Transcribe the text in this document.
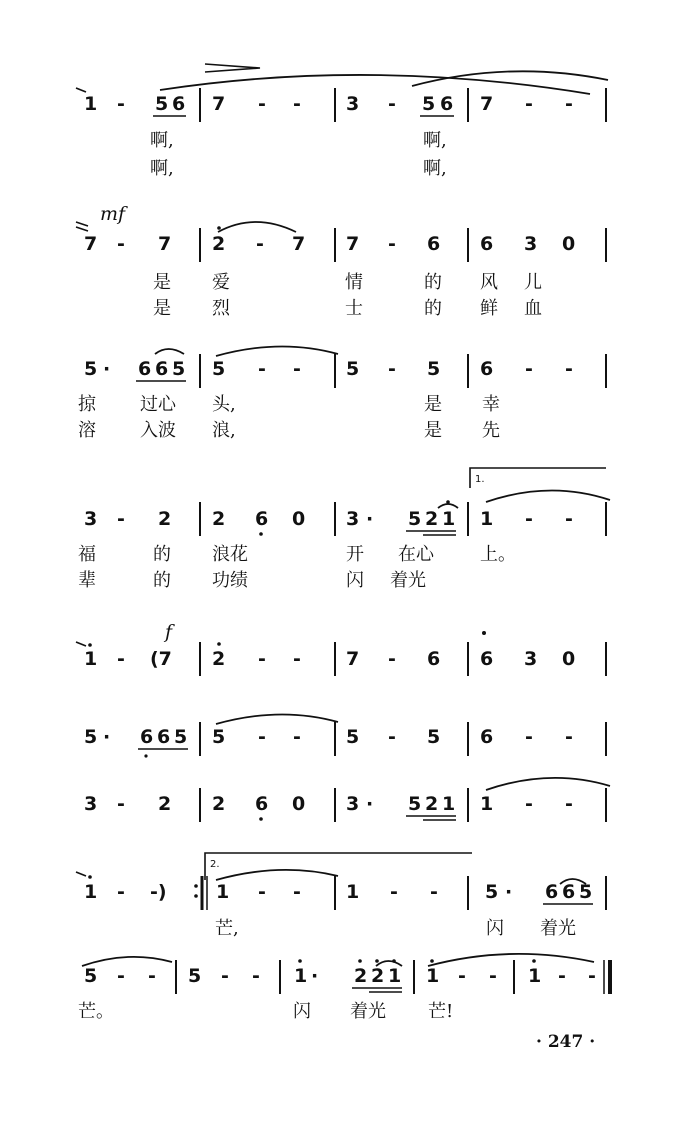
1 - 5 6 7 - - 3 - 5 6 7 - -
啊,	啊,
啊,	啊,
mf
7 - 7 2 - 7 7 - 6 6 3 0
是 爱	情	的 风 儿
是 烈	士	的 鲜 血
5 · 6 6 5 5 - - 5 - 5 6 - -
掠 过心 头,	是 幸
溶 入波 浪,	是 先
1.
3 - 2 2 6 0 3 · 5 2 1 1 - -
福	的 浪花	开 在心	上。
辈	的 功绩	闪 着光
f
1 - (7 2 - - 7 - 6 6 3 0
5 · 6 6 5 5 - - 5 - 5 6 - -
3 - 2 2 6 0 3 · 5 2 1 1 - -
2.
1 - -)	1 - - 1 - - 5 · 6 6 5
芒,	闪 着光
5 - - 5 - - 1 · 2 2 1 1 - - 1 - -
芒。	闪 着光 芒!
· 247 ·
